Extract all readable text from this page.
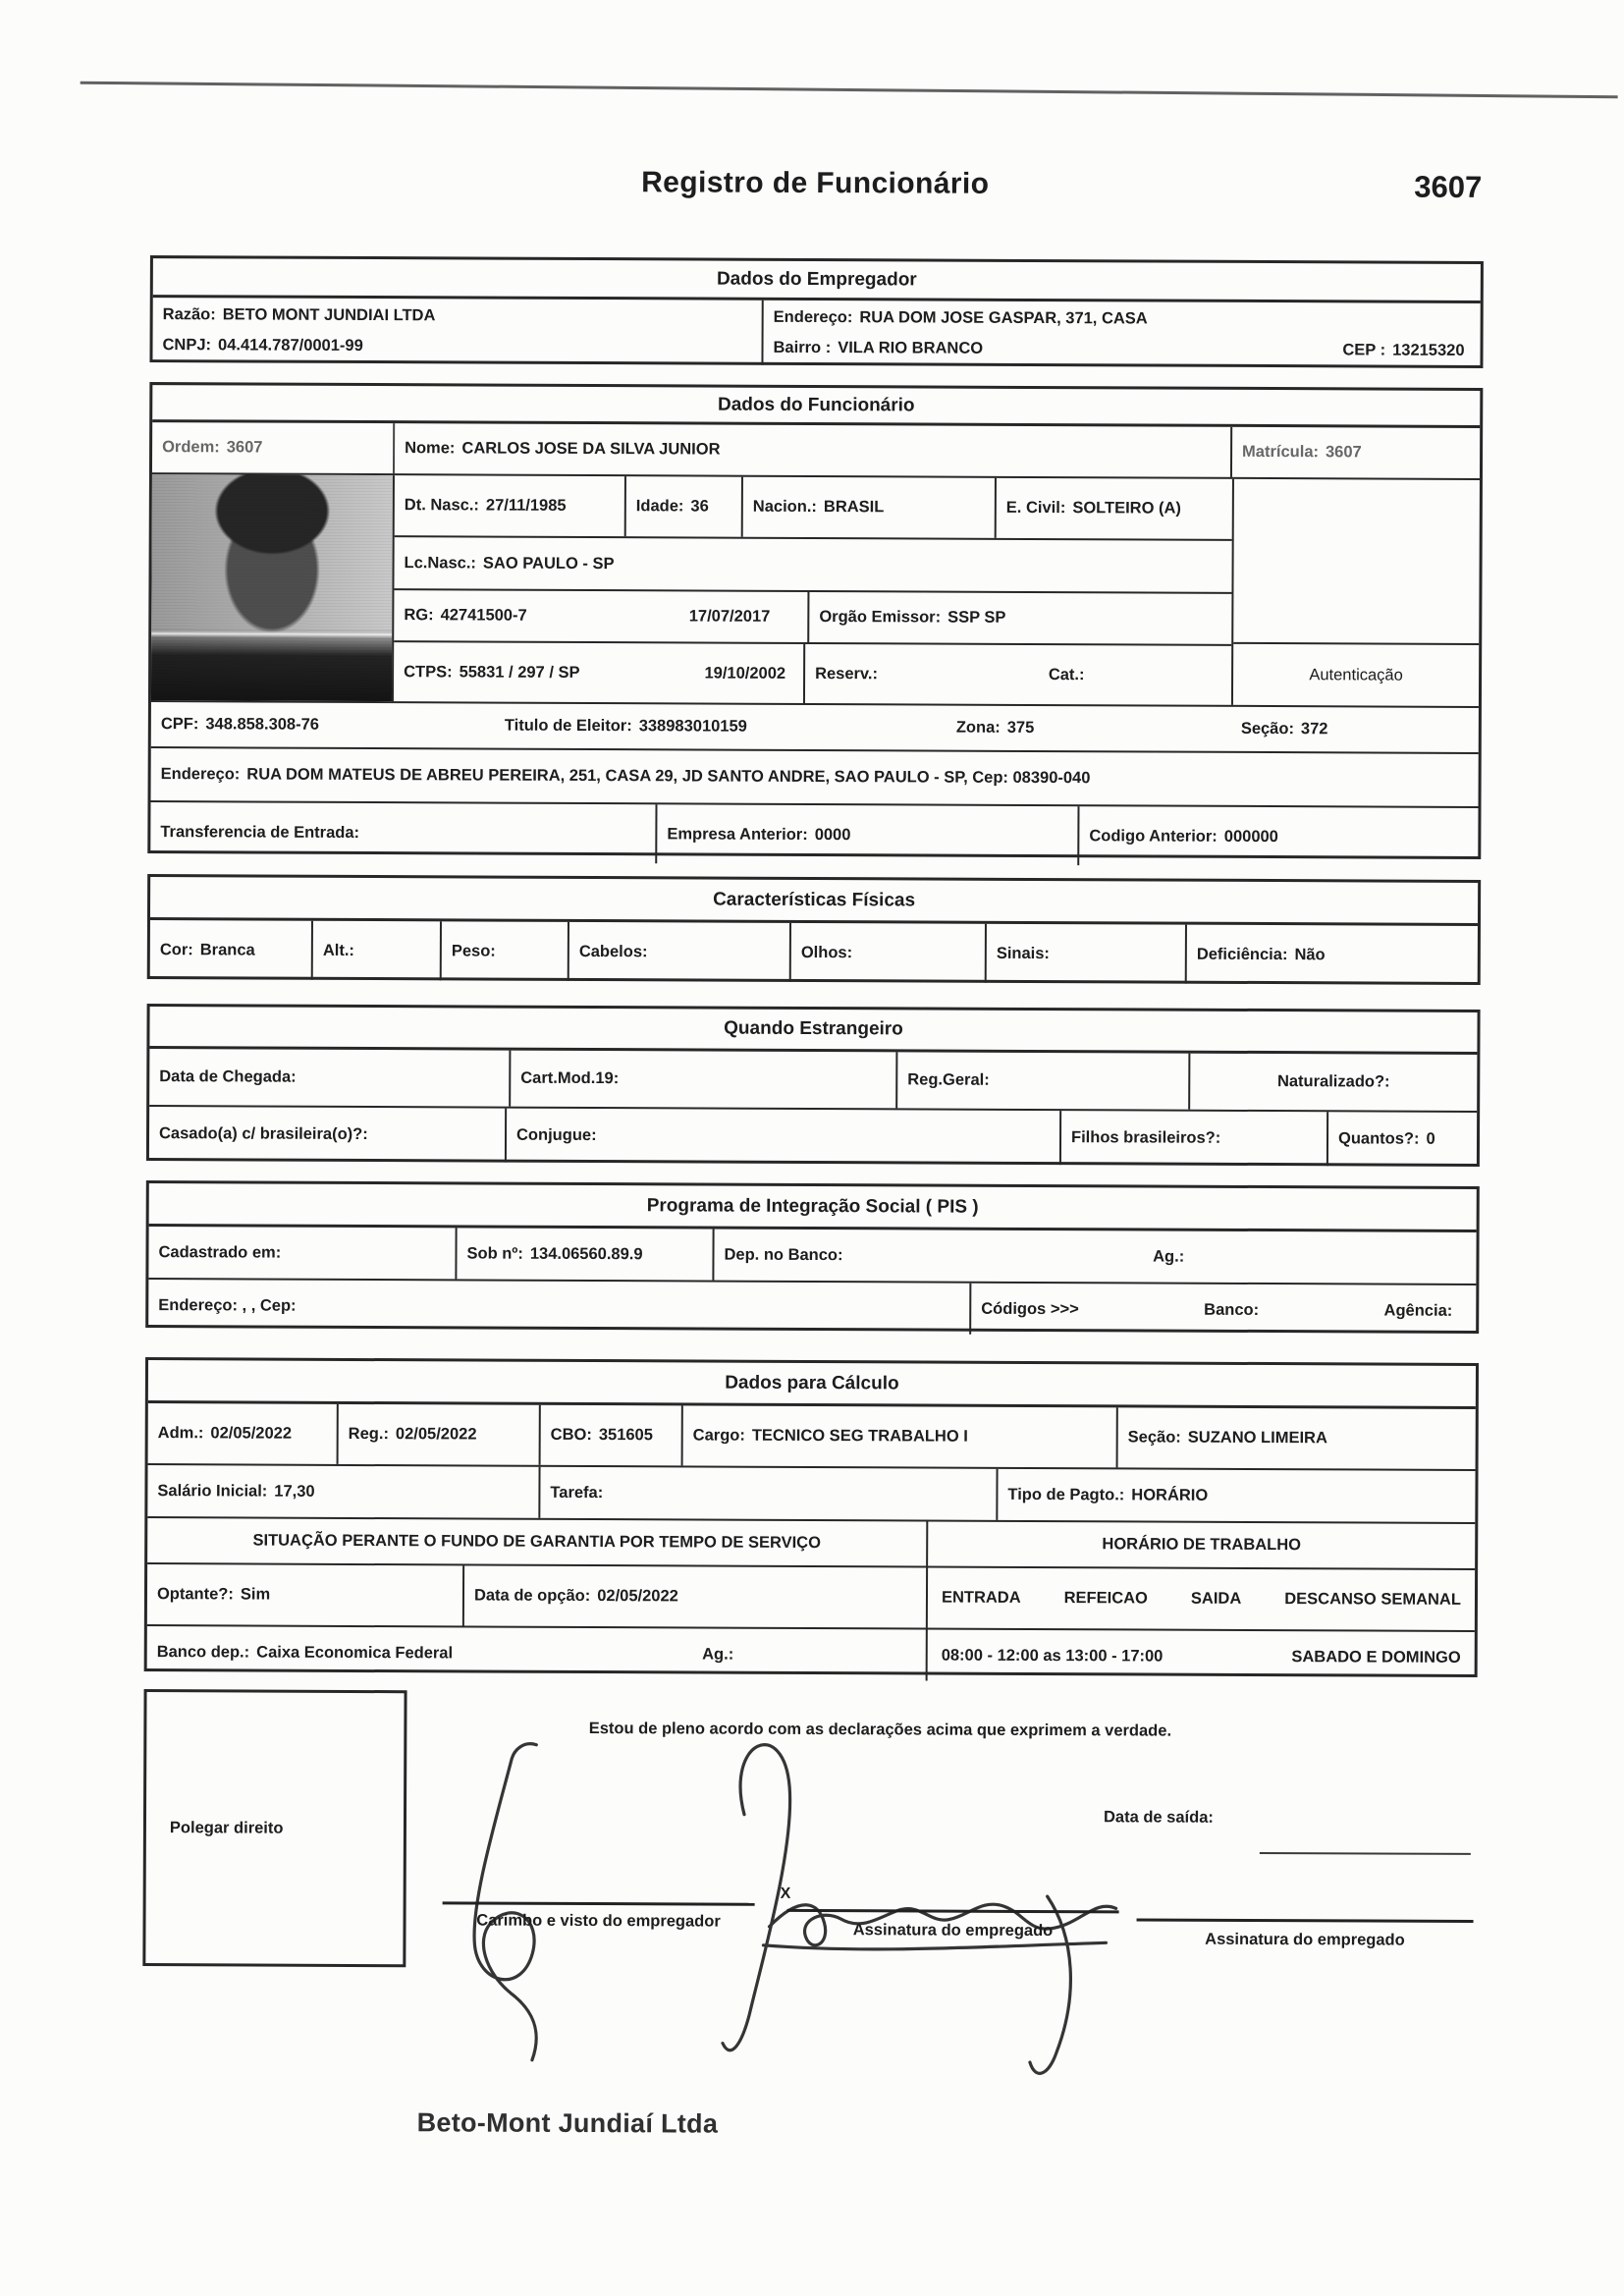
Registro de Funcionário	3607
Dados do Empregador
Razão: BETO MONT JUNDIAI LTDA
CNPJ: 04.414.787/0001-99
Endereço: RUA DOM JOSE GASPAR, 371, CASA
Bairro : VILA RIO BRANCO	CEP : 13215320
Dados do Funcionário
Ordem: 3607	Nome: CARLOS JOSE DA SILVA JUNIOR	Matrícula: 3607
Dt. Nasc.: 27/11/1985	Idade: 36	Nacion.: BRASIL	E. Civil: SOLTEIRO (A)
Lc.Nasc.: SAO PAULO - SP
RG: 42741500-7	17/07/2017	Orgão Emissor: SSP SP
CTPS: 55831 / 297 / SP	19/10/2002 Reserv.:	Cat.:	Autenticação
CPF: 348.858.308-76	Titulo de Eleitor: 338983010159	Zona: 375	Seção: 372
Endereço: RUA DOM MATEUS DE ABREU PEREIRA, 251, CASA 29, JD SANTO ANDRE, SAO PAULO - SP, Cep: 08390-040
Transferencia de Entrada:	Empresa Anterior: 0000	Codigo Anterior: 000000
Características Físicas
Cor: Branca	Alt.:	Peso:	Cabelos:	Olhos:	Sinais:	Deficiência: Não
Quando Estrangeiro
Data de Chegada:	Cart.Mod.19:	Reg.Geral:	Naturalizado?:
Casado(a) c/ brasileira(o)?:	Conjugue:	Filhos brasileiros?:	Quantos?: 0
Programa de Integração Social ( PIS )
Cadastrado em:	Sob nº: 134.06560.89.9	Dep. no Banco:	Ag.:
Endereço: , , Cep:	Códigos >>>	Banco:	Agência:
Dados para Cálculo
Adm.: 02/05/2022	Reg.: 02/05/2022	CBO: 351605 Cargo: TECNICO SEG TRABALHO I	Seção: SUZANO LIMEIRA
Salário Inicial: 17,30	Tarefa:	Tipo de Pagto.: HORÁRIO
SITUAÇÃO PERANTE O FUNDO DE GARANTIA POR TEMPO DE SERVIÇO	HORÁRIO DE TRABALHO
Optante?: Sim	Data de opção: 02/05/2022	ENTRADA	REFEICAO	SAIDA	DESCANSO SEMANAL
Banco dep.: Caixa Economica Federal	Ag.:	08:00 - 12:00 as 13:00 - 17:00	SABADO E DOMINGO
Polegar direito
Estou de pleno acordo com as declarações acima que exprimem a verdade.
Data de saída:
Carimbo e visto do empregador
Assinatura do empregado
Assinatura do empregado
X
Beto-Mont Jundiaí Ltda
